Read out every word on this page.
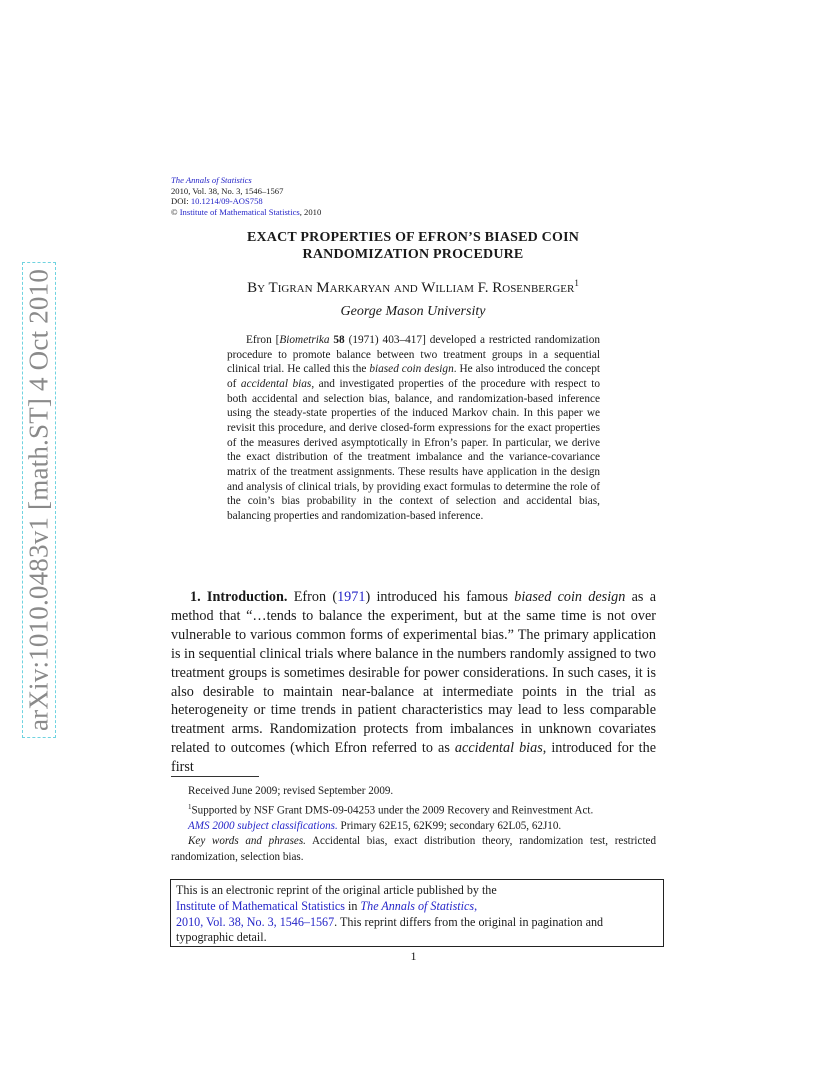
arXiv:1010.0483v1 [math.ST] 4 Oct 2010
The Annals of Statistics
2010, Vol. 38, No. 3, 1546–1567
DOI: 10.1214/09-AOS758
© Institute of Mathematical Statistics, 2010
EXACT PROPERTIES OF EFRON’S BIASED COIN
RANDOMIZATION PROCEDURE
By Tigran Markaryan and William F. Rosenberger$^1$
George Mason University

Efron [Biometrika 58 (1971) 403–417] developed a restricted randomization procedure to promote balance between two treatment groups in a sequential clinical trial. He called this the biased coin design. He also introduced the concept of accidental bias, and investigated properties of the procedure with respect to both accidental and selection bias, balance, and randomization-based inference using the steady-state properties of the induced Markov chain. In this paper we revisit this procedure, and derive closed-form expressions for the exact properties of the measures derived asymptotically in Efron’s paper. In particular, we derive the exact distribution of the treatment imbalance and the variance-covariance matrix of the treatment assignments. These results have application in the design and analysis of clinical trials, by providing exact formulas to determine the role of the coin’s bias probability in the context of selection and accidental bias, balancing properties and randomization-based inference.

1. Introduction. Efron (1971) introduced his famous biased coin design as a method that “…tends to balance the experiment, but at the same time is not over vulnerable to various common forms of experimental bias.” The primary application is in sequential clinical trials where balance in the numbers randomly assigned to two treatment groups is sometimes desirable for power considerations. In such cases, it is also desirable to maintain near-balance at intermediate points in the trial as heterogeneity or time trends in patient characteristics may lead to less comparable treatment arms. Randomization protects from imbalances in unknown covariates related to outcomes (which Efron referred to as accidental bias, introduced for the first

Received June 2009; revised September 2009.

$^1$Supported by NSF Grant DMS-09-04253 under the 2009 Recovery and Reinvestment Act.

AMS 2000 subject classifications. Primary 62E15, 62K99; secondary 62L05, 62J10.

Key words and phrases. Accidental bias, exact distribution theory, randomization test, restricted randomization, selection bias.

This is an electronic reprint of the original article published by the
Institute of Mathematical Statistics in The Annals of Statistics,
2010, Vol. 38, No. 3, 1546–1567. This reprint differs from the original in pagination and typographic detail.
1
